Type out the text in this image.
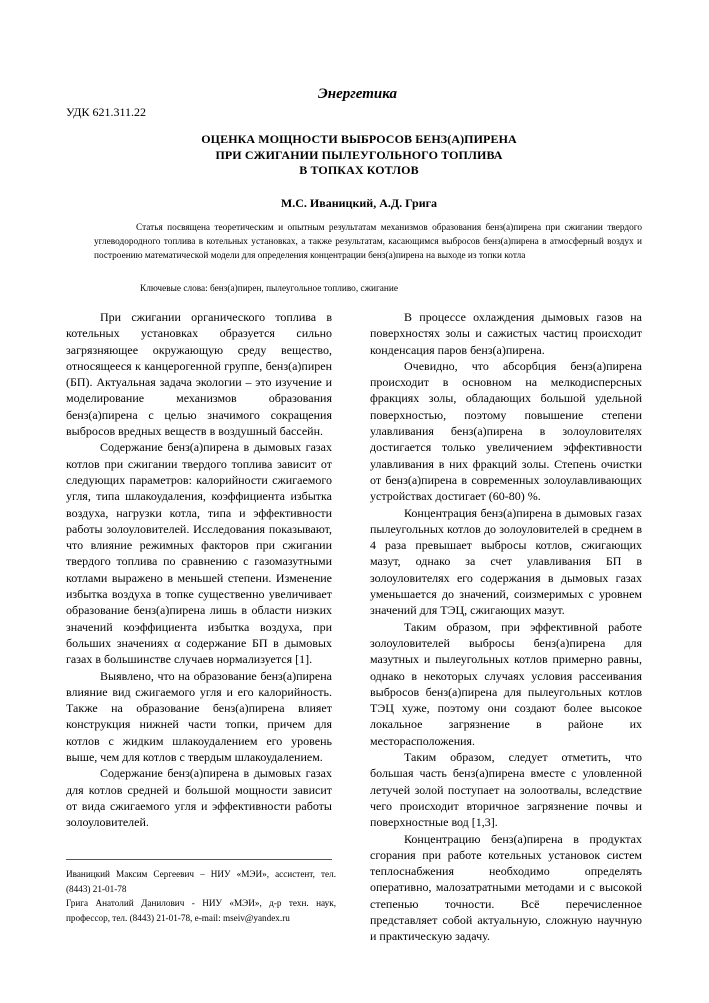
Энергетика
УДК 621.311.22
ОЦЕНКА МОЩНОСТИ ВЫБРОСОВ БЕНЗ(А)ПИРЕНА
ПРИ СЖИГАНИИ ПЫЛЕУГОЛЬНОГО ТОПЛИВА
В ТОПКАХ КОТЛОВ
М.С. Иваницкий, А.Д. Грига
Статья посвящена теоретическим и опытным результатам механизмов образования бенз(а)пирена при сжигании твердого углеводородного топлива в котельных установках, а также результатам, касающимся выбросов бенз(а)пирена в атмосферный воздух и построению математической модели для определения концентрации бенз(а)пирена на выходе из топки котла
Ключевые слова: бенз(а)пирен, пылеугольное топливо, сжигание

При сжигании органического топлива в котельных установках образуется сильно загрязняющее окружающую среду вещество, относящееся к канцерогенной группе, бенз(а)пирен (БП). Актуальная задача экологии – это изучение и моделирование механизмов образования бенз(а)пирена с целью значимого сокращения выбросов вредных веществ в воздушный бассейн.

Содержание бенз(а)пирена в дымовых газах котлов при сжигании твердого топлива зависит от следующих параметров: калорийности сжигаемого угля, типа шлакоудаления, коэффициента избытка воздуха, нагрузки котла, типа и эффективности работы золоуловителей. Исследования показывают, что влияние режимных факторов при сжигании твердого топлива по сравнению с газомазутными котлами выражено в меньшей степени. Изменение избытка воздуха в топке существенно увеличивает образование бенз(а)пирена лишь в области низких значений коэффициента избытка воздуха, при больших значениях α содержание БП в дымовых газах в большинстве случаев нормализуется [1].

Выявлено, что на образование бенз(а)пирена влияние вид сжигаемого угля и его калорийность. Также на образование бенз(а)пирена влияет конструкция нижней части топки, причем для котлов с жидким шлакоудалением его уровень выше, чем для котлов с твердым шлакоудалением.

Содержание бенз(а)пирена в дымовых газах для котлов средней и большой мощности зависит от вида сжигаемого угля и эффективности работы золоуловителей.

В процессе охлаждения дымовых газов на поверхностях золы и сажистых частиц происходит конденсация паров бенз(а)пирена.

Очевидно, что абсорбция бенз(а)пирена происходит в основном на мелкодисперсных фракциях золы, обладающих большой удельной поверхностью, поэтому повышение степени улавливания бенз(а)пирена в золоуловителях достигается только увеличением эффективности улавливания в них фракций золы. Степень очистки от бенз(а)пирена в современных золоулавливающих устройствах достигает (60-80) %.

Концентрация бенз(а)пирена в дымовых газах пылеугольных котлов до золоуловителей в среднем в 4 раза превышает выбросы котлов, сжигающих мазут, однако за счет улавливания БП в золоуловителях его содержания в дымовых газах уменьшается до значений, соизмеримых с уровнем значений для ТЭЦ, сжигающих мазут.

Таким образом, при эффективной работе золоуловителей выбросы бенз(а)пирена для мазутных и пылеугольных котлов примерно равны, однако в некоторых случаях условия рассеивания выбросов бенз(а)пирена для пылеугольных котлов ТЭЦ хуже, поэтому они создают более высокое локальное загрязнение в районе их месторасположения.

Таким образом, следует отметить, что большая часть бенз(а)пирена вместе с уловленной летучей золой поступает на золоотвалы, вследствие чего происходит вторичное загрязнение почвы и поверхностные вод [1,3].

Концентрацию бенз(а)пирена в продуктах сгорания при работе котельных установок систем теплоснабжения необходимо определять оперативно, малозатратными методами и с высокой степенью точности. Всё перечисленное представляет собой актуальную, сложную научную и практическую задачу.

Иваницкий Максим Сергеевич – НИУ «МЭИ», ассистент, тел. (8443) 21-01-78

Грига Анатолий Данилович - НИУ «МЭИ», д-р техн. наук, профессор, тел. (8443) 21-01-78, e-mail: mseiv@yandex.ru
